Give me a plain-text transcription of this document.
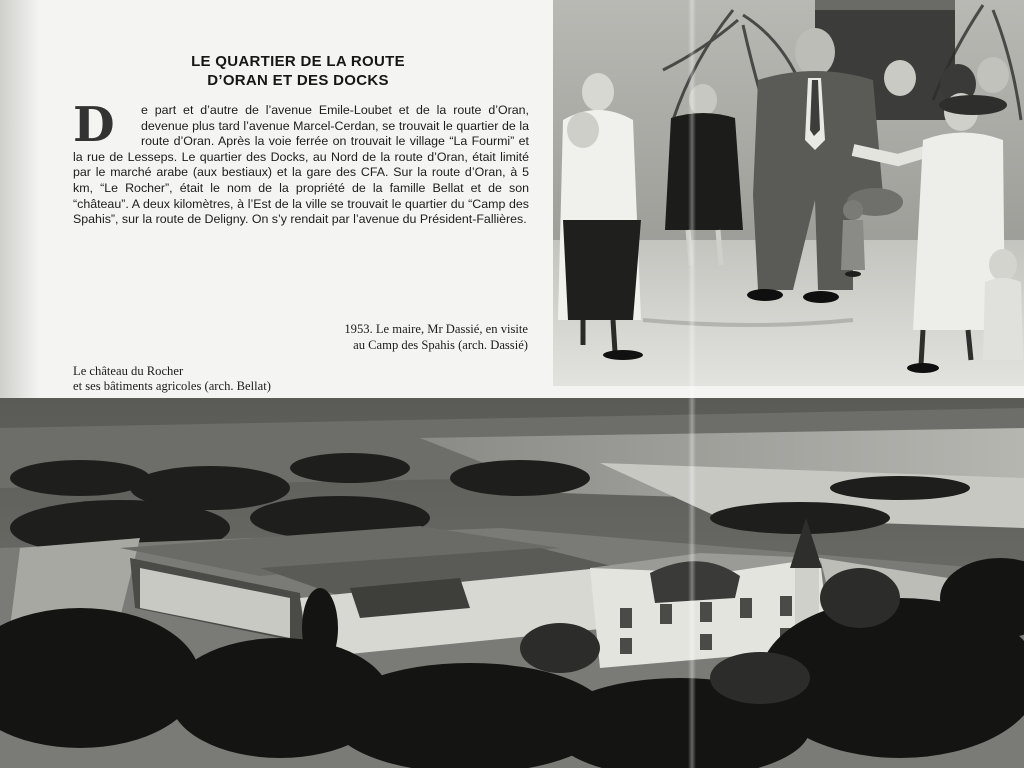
LE QUARTIER DE LA ROUTE
D’ORAN ET DES DOCKS
D	e part et d’autre de l’avenue Emile-Loubet et de la route d’Oran, devenue plus tard l’avenue Marcel-Cerdan, se trouvait le quartier de la route d’Oran. Après la voie ferrée on trouvait le village “La Fourmi” et la rue de Lesseps. Le quartier des Docks, au Nord de la route d’Oran, était limité par le marché arabe (aux bestiaux) et la gare des CFA. Sur la route d’Oran, à 5 km, “Le Rocher”, était le nom de la propriété de la famille Bellat et de son “château”. A deux kilomètres, à l’Est de la ville se trouvait le quartier du “Camp des Spahis”, sur la route de Deligny. On s’y rendait par l’avenue du Président-Fallières.

1953. Le maire, Mr Dassié, en visite
au Camp des Spahis (arch. Dassié)
Le château du Rocher
et ses bâtiments agricoles (arch. Bellat)
